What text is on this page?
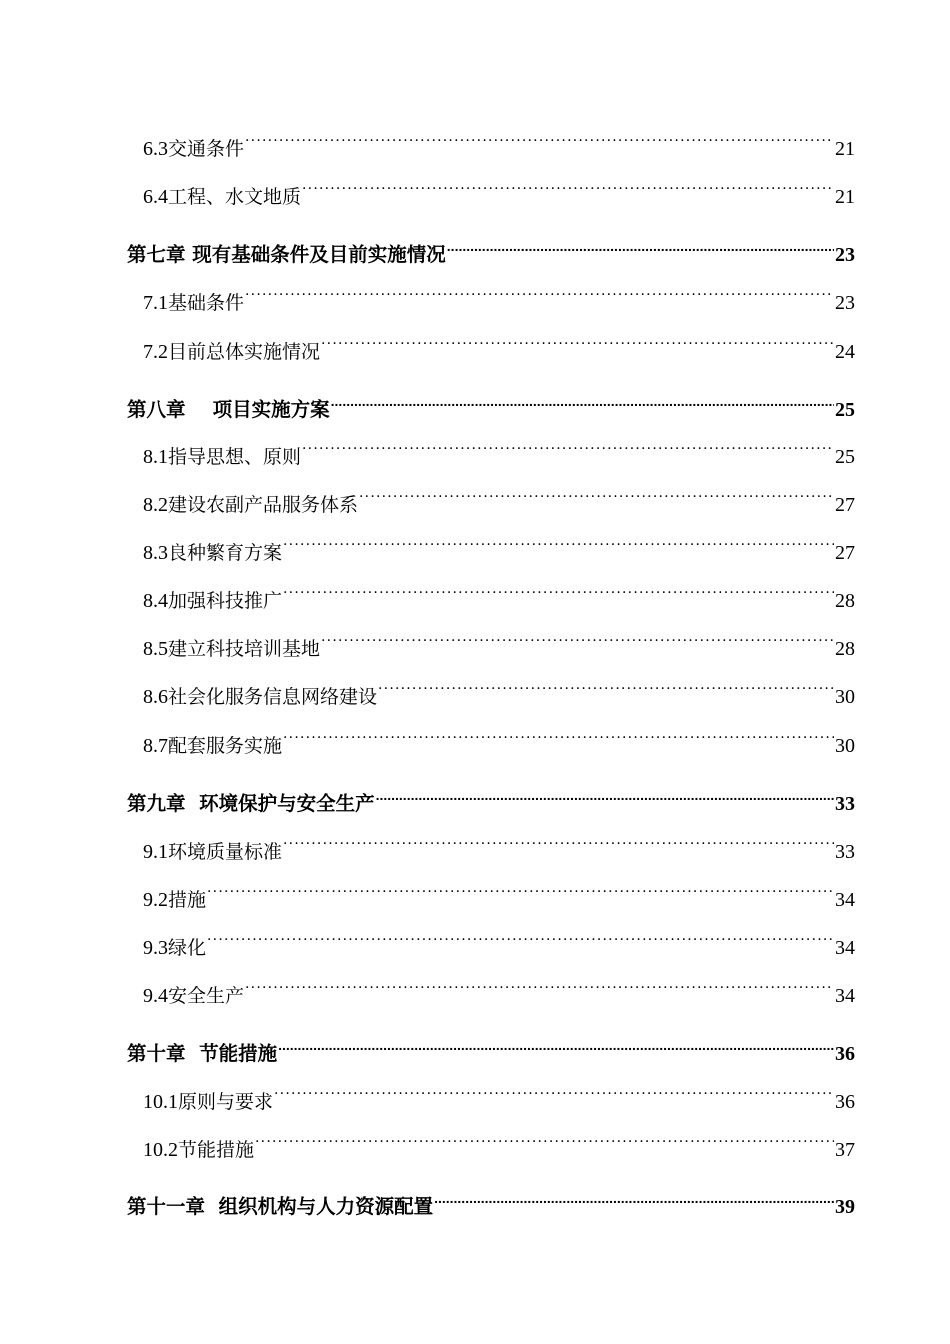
6.3交通条件 ·····	21
6.4工程、水文地质 ·····	21
第七章 现有基础条件及目前实施情况 .....	23
7.1基础条件 ·····	23
7.2目前总体实施情况 ·····	24
第八章    项目实施方案 .....	25
8.1指导思想、原则 ·····	25
8.2建设农副产品服务体系 ·····	27
8.3良种繁育方案 ·····	27
8.4加强科技推广 ·····	28
8.5建立科技培训基地 ·····	28
8.6社会化服务信息网络建设 ·····	30
8.7配套服务实施 ·····	30
第九章  环境保护与安全生产 .....	33
9.1环境质量标准 ·····	33
9.2措施 ·····	34
9.3绿化 ·····	34
9.4安全生产 ·····	34
第十章  节能措施 .....	36
10.1原则与要求 ·····	36
10.2节能措施 ·····	37
第十一章  组织机构与人力资源配置 .....	39
